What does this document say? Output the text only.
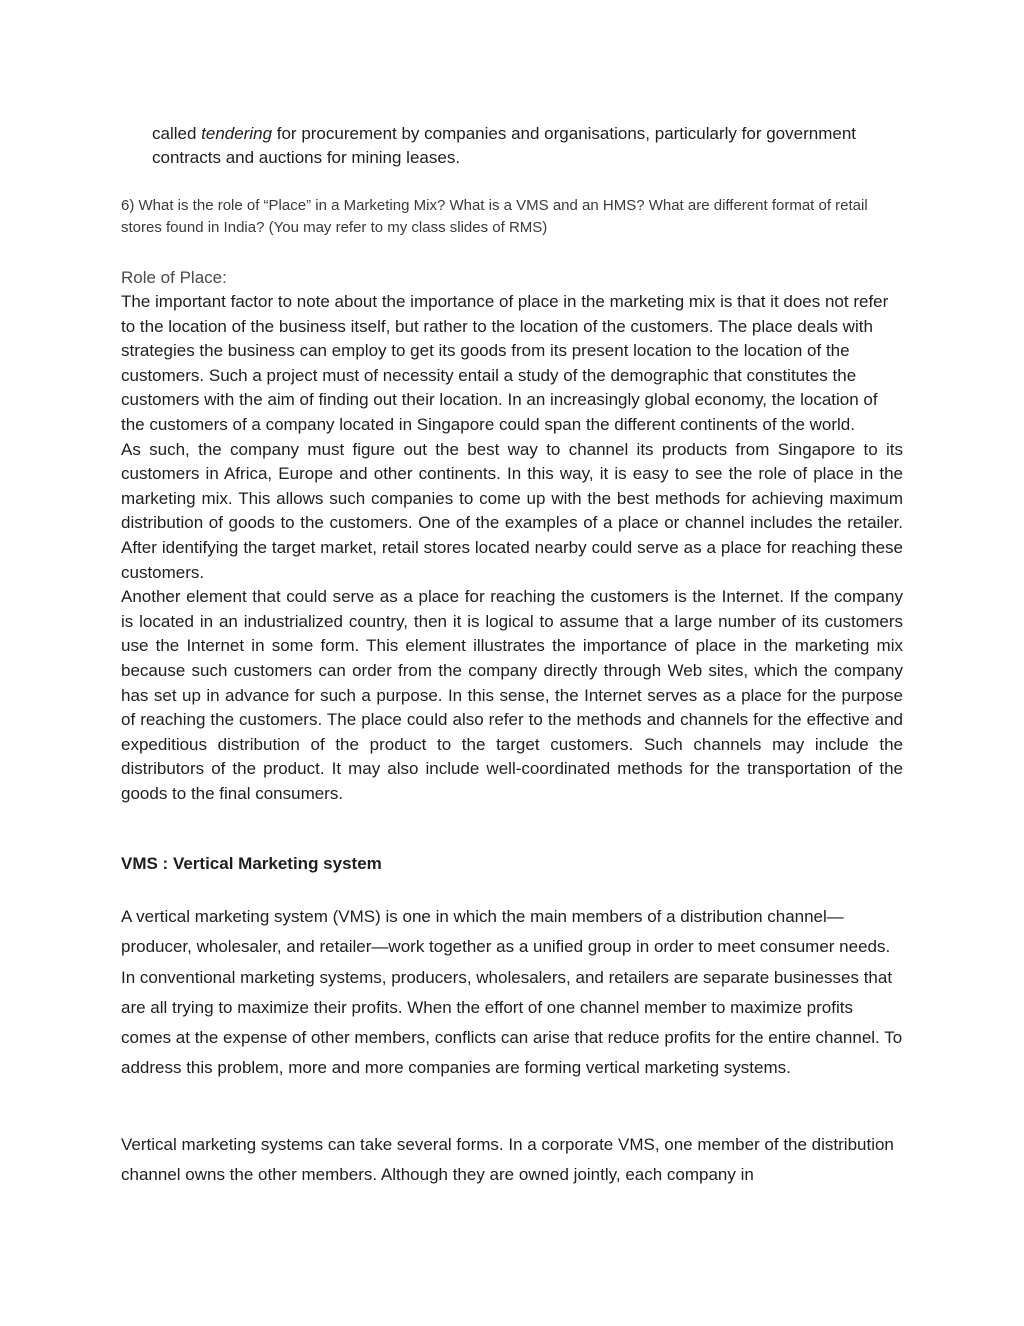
called tendering for procurement by companies and organisations, particularly for government contracts and auctions for mining leases.

6) What is the role of “Place” in a Marketing Mix? What is a VMS and an HMS? What are different format of retail stores found in India? (You may refer to my class slides of RMS)

Role of Place:

The important factor to note about the importance of place in the marketing mix is that it does not refer to the location of the business itself, but rather to the location of the customers. The place deals with strategies the business can employ to get its goods from its present location to the location of the customers. Such a project must of necessity entail a study of the demographic that constitutes the customers with the aim of finding out their location. In an increasingly global economy, the location of the customers of a company located in Singapore could span the different continents of the world.

As such, the company must figure out the best way to channel its products from Singapore to its customers in Africa, Europe and other continents. In this way, it is easy to see the role of place in the marketing mix. This allows such companies to come up with the best methods for achieving maximum distribution of goods to the customers. One of the examples of a place or channel includes the retailer. After identifying the target market, retail stores located nearby could serve as a place for reaching these customers.

Another element that could serve as a place for reaching the customers is the Internet. If the company is located in an industrialized country, then it is logical to assume that a large number of its customers use the Internet in some form. This element illustrates the importance of place in the marketing mix because such customers can order from the company directly through Web sites, which the company has set up in advance for such a purpose. In this sense, the Internet serves as a place for the purpose of reaching the customers. The place could also refer to the methods and channels for the effective and expeditious distribution of the product to the target customers. Such channels may include the distributors of the product. It may also include well-coordinated methods for the transportation of the goods to the final consumers.

VMS : Vertical Marketing system

A vertical marketing system (VMS) is one in which the main members of a distribution channel—producer, wholesaler, and retailer—work together as a unified group in order to meet consumer needs. In conventional marketing systems, producers, wholesalers, and retailers are separate businesses that are all trying to maximize their profits. When the effort of one channel member to maximize profits comes at the expense of other members, conflicts can arise that reduce profits for the entire channel. To address this problem, more and more companies are forming vertical marketing systems.

Vertical marketing systems can take several forms. In a corporate VMS, one member of the distribution channel owns the other members. Although they are owned jointly, each company in
